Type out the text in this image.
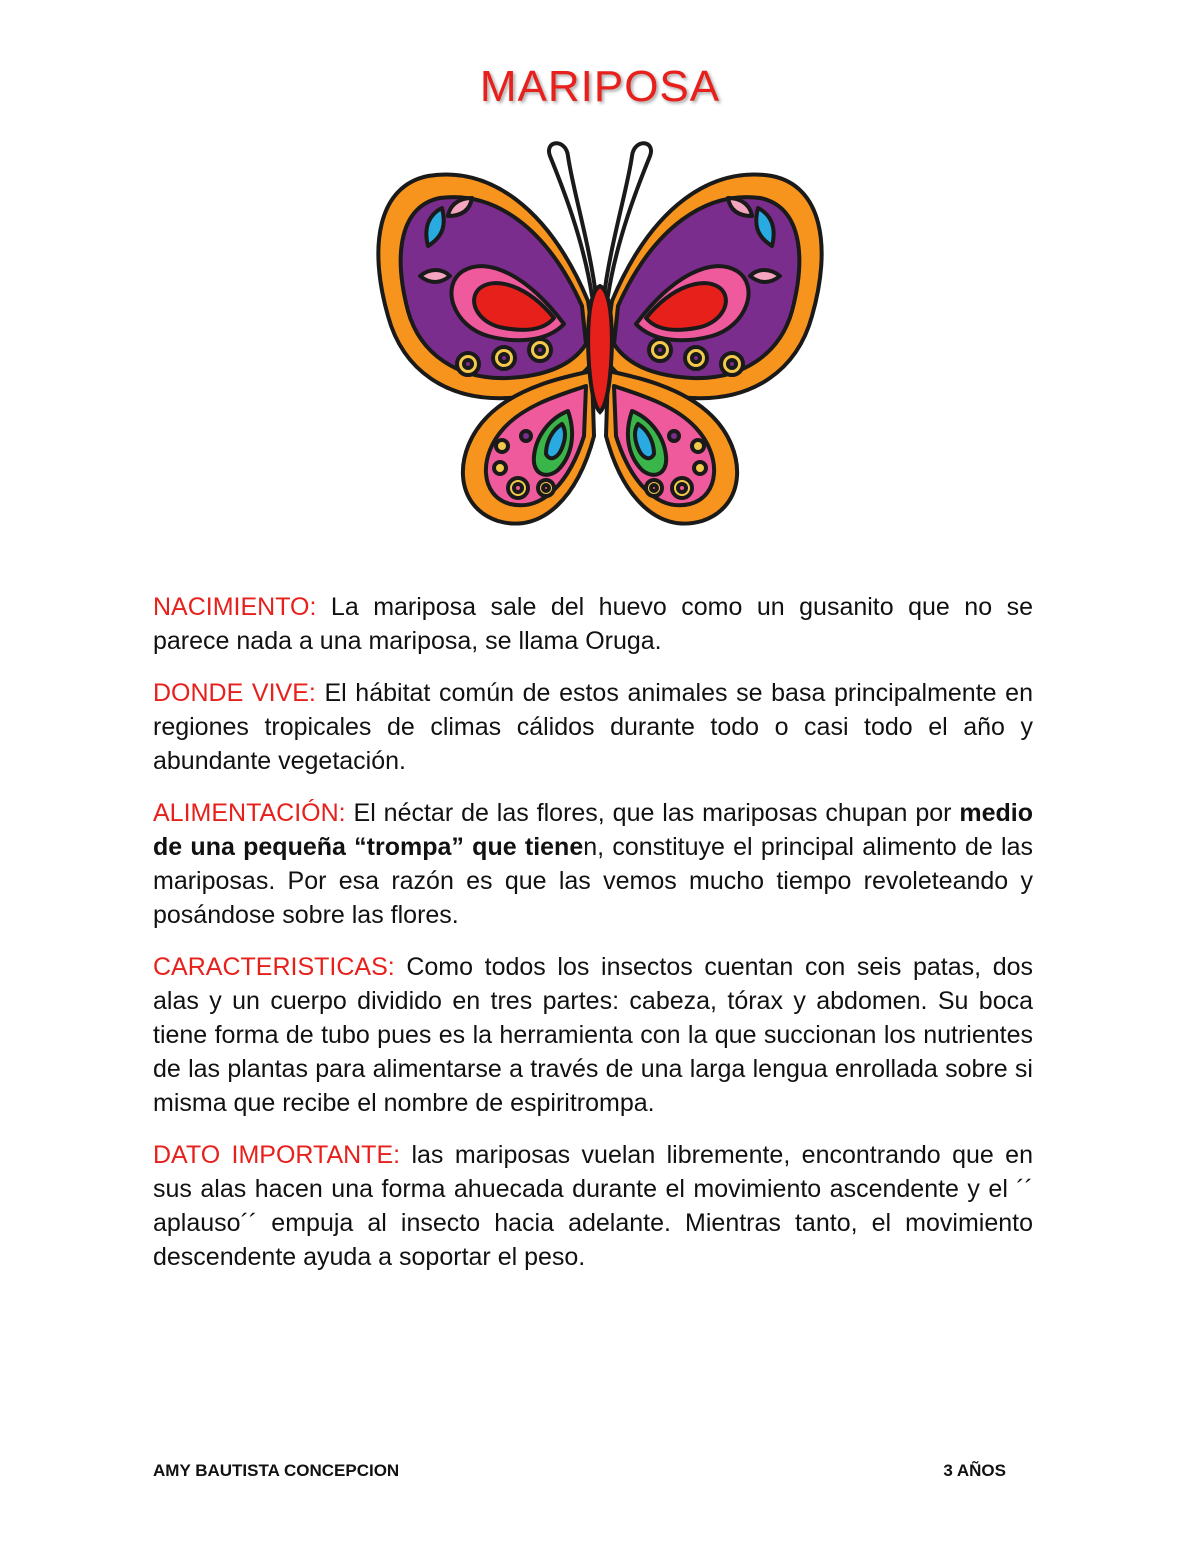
MARIPOSA

NACIMIENTO: La mariposa sale del huevo como un gusanito que no se parece nada a una mariposa, se llama Oruga.

DONDE VIVE: El hábitat común de estos animales se basa principalmente en regiones tropicales de climas cálidos durante todo o casi todo el año y abundante vegetación.

ALIMENTACIÓN: El néctar de las flores, que las mariposas chupan por medio de una pequeña “trompa” que tienen, constituye el principal alimento de las mariposas. Por esa razón es que las vemos mucho tiempo revoleteando y posándose sobre las flores.

CARACTERISTICAS: Como todos los insectos cuentan con seis patas, dos alas y un cuerpo dividido en tres partes: cabeza, tórax y abdomen. Su boca tiene forma de tubo pues es la herramienta con la que succionan los nutrientes de las plantas para alimentarse a través de una larga lengua enrollada sobre si misma que recibe el nombre de espiritrompa.

DATO IMPORTANTE: las mariposas vuelan libremente, encontrando que en sus alas hacen una forma ahuecada durante el movimiento ascendente y el ´´ aplauso´´ empuja al insecto hacia adelante. Mientras tanto, el movimiento descendente ayuda a soportar el peso.

AMY BAUTISTA CONCEPCION	3 AÑOS
